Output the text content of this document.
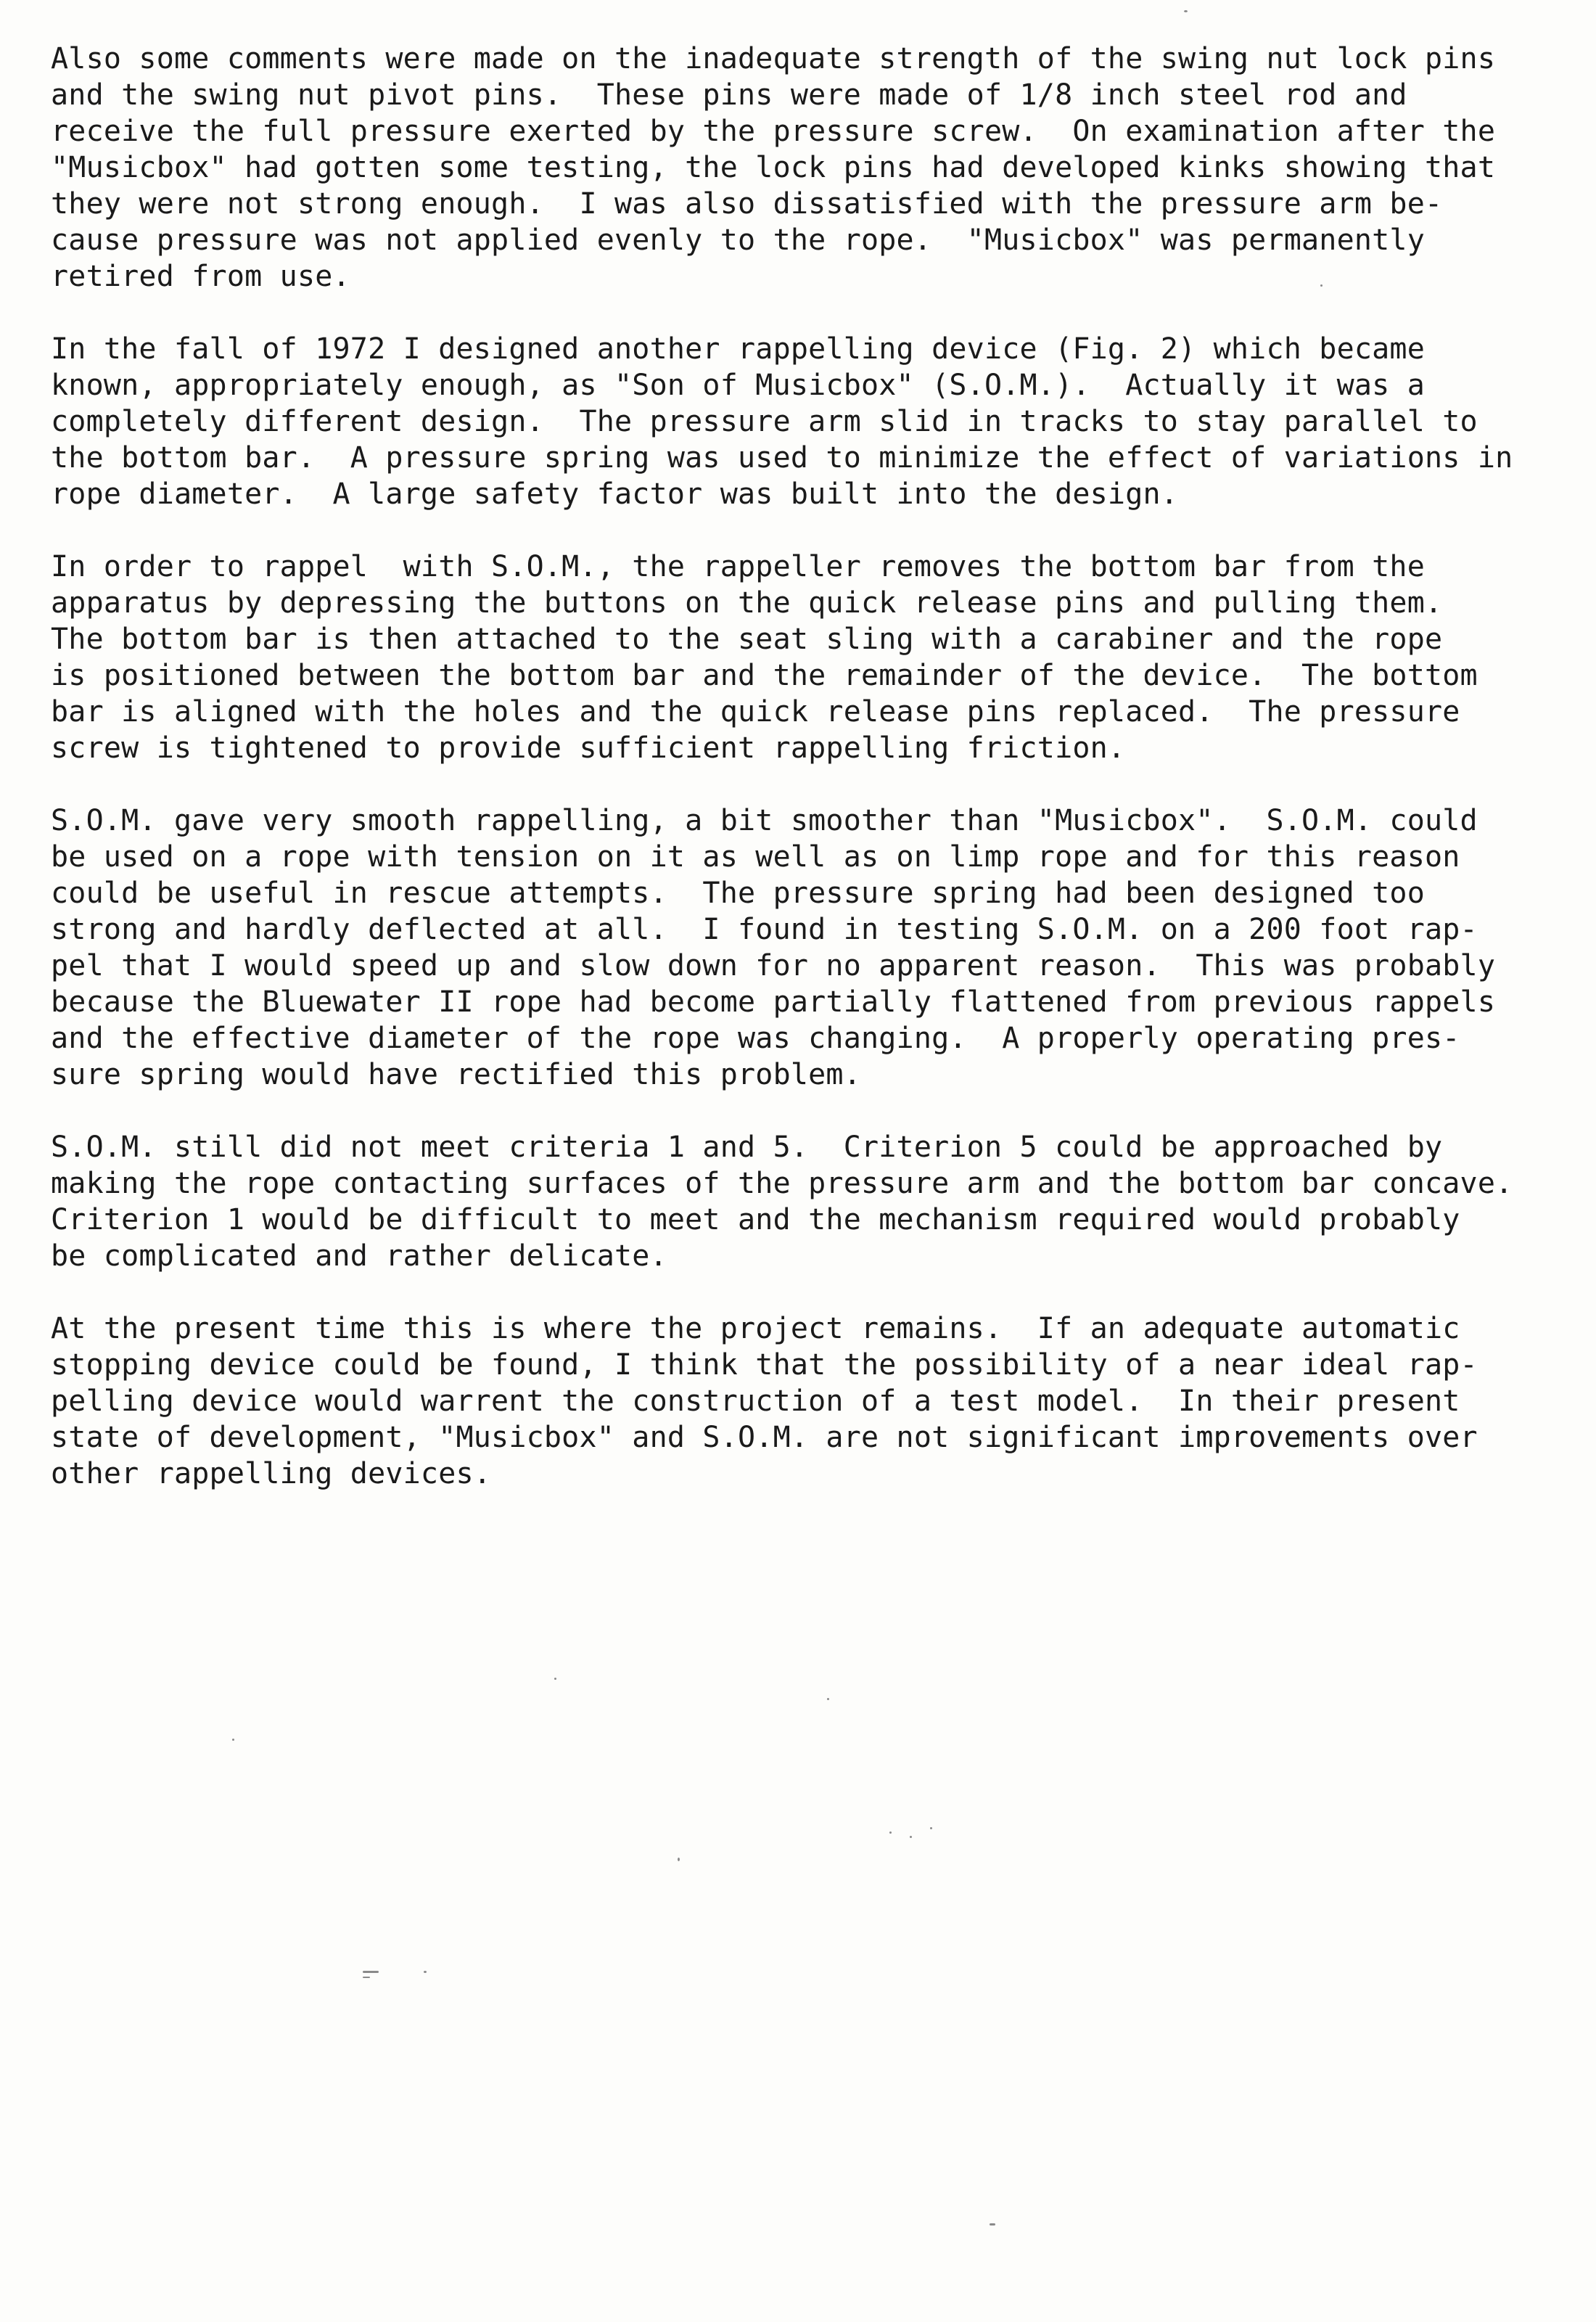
Also some comments were made on the inadequate strength of the swing nut lock pins
and the swing nut pivot pins.  These pins were made of 1/8 inch steel rod and
receive the full pressure exerted by the pressure screw.  On examination after the
"Musicbox" had gotten some testing, the lock pins had developed kinks showing that
they were not strong enough.  I was also dissatisfied with the pressure arm be-
cause pressure was not applied evenly to the rope.  "Musicbox" was permanently
retired from use.
In the fall of 1972 I designed another rappelling device (Fig. 2) which became
known, appropriately enough, as "Son of Musicbox" (S.O.M.).  Actually it was a
completely different design.  The pressure arm slid in tracks to stay parallel to
the bottom bar.  A pressure spring was used to minimize the effect of variations in
rope diameter.  A large safety factor was built into the design.
In order to rappel  with S.O.M., the rappeller removes the bottom bar from the
apparatus by depressing the buttons on the quick release pins and pulling them.
The bottom bar is then attached to the seat sling with a carabiner and the rope
is positioned between the bottom bar and the remainder of the device.  The bottom
bar is aligned with the holes and the quick release pins replaced.  The pressure
screw is tightened to provide sufficient rappelling friction.
S.O.M. gave very smooth rappelling, a bit smoother than "Musicbox".  S.O.M. could
be used on a rope with tension on it as well as on limp rope and for this reason
could be useful in rescue attempts.  The pressure spring had been designed too
strong and hardly deflected at all.  I found in testing S.O.M. on a 200 foot rap-
pel that I would speed up and slow down for no apparent reason.  This was probably
because the Bluewater II rope had become partially flattened from previous rappels
and the effective diameter of the rope was changing.  A properly operating pres-
sure spring would have rectified this problem.
S.O.M. still did not meet criteria 1 and 5.  Criterion 5 could be approached by
making the rope contacting surfaces of the pressure arm and the bottom bar concave.
Criterion 1 would be difficult to meet and the mechanism required would probably
be complicated and rather delicate.
At the present time this is where the project remains.  If an adequate automatic
stopping device could be found, I think that the possibility of a near ideal rap-
pelling device would warrent the construction of a test model.  In their present
state of development, "Musicbox" and S.O.M. are not significant improvements over
other rappelling devices.
